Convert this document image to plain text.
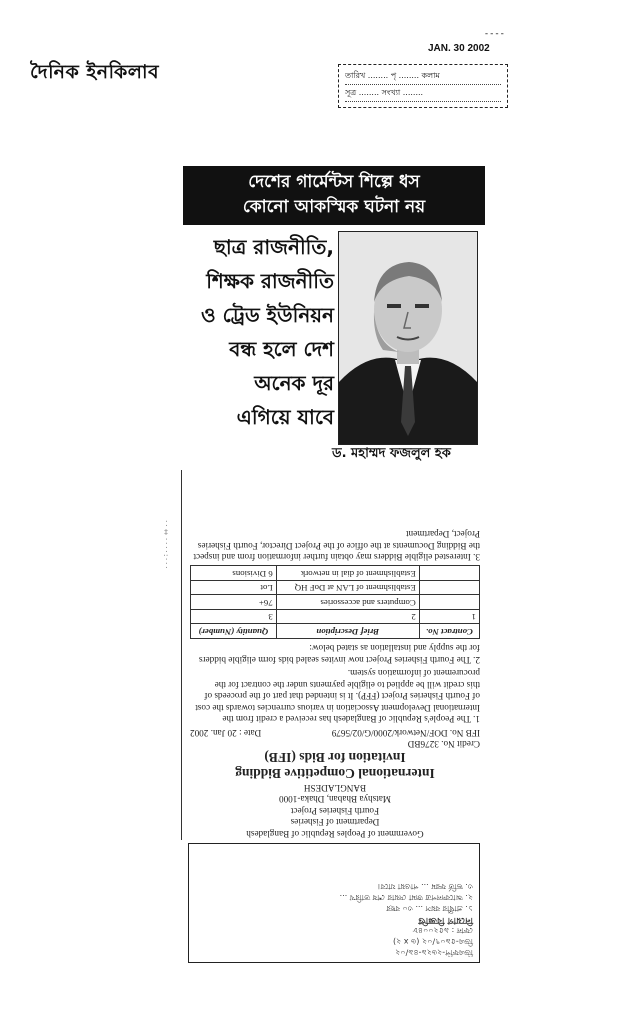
দৈনিক ইনকিলাব
- - - -
JAN. 30 2002
তারিখ ........ পৃ ........ কলাম
সূত্র ........ সংখ্যা ........
দেশের গার্মেন্টস শিল্পে ধস
কোনো আকস্মিক ঘটনা নয়
ছাত্র রাজনীতি,
শিক্ষক রাজনীতি
ও ট্রেড ইউনিয়ন
বন্ধ হলে দেশ
অনেক দূর
এগিয়ে যাবে
ড. মহাম্মদ ফজলুল হক
Government of Peoples Republic of Bangladesh
Department of Fisheries
Fourth Fisheries Project
Matshya Bhaban, Dhaka-1000
BANGLADESH
International Competitive Bidding
Invitation for Bids (IFB)
Credit No. 3276BD
IFB No. DOF/Network/2000/G/02/5679
Date : 20 Jan. 2002

1. The People's Republic of Bangladesh has received a credit from the International Development Association in various currencies towards the cost of Fourth Fisheries Project (FFP). It is intended that part of the proceeds of this credit will be applied to eligible payments under the contract for the procurement of information system.

2. The Fourth Fisheries Project now invites sealed bids form eligible bidders for the supply and installation as stated below:

Contract No.	Brief Description	Quantity (Number)
1	2	3
	Computers and accessories	76+
	Establishment of LAN at DoF HQ	Lot
	Establishment of dial in network	6 Divisions

3. Interested eligible Bidders may obtain further information from and inspect the Bidding Documents at the office of the Project Director, Fourth Fisheries Project, Department

ডিএফপি-২৬২৯-৪৯/০২
ডিএ-৫৯০৭/০২ (৬ x ২)
ফোন : ৯৫২০০৪৮
নিয়োগ বিজ্ঞপ্তি
১. প্রার্থীর বয়স ... ৩০ বছর
২. আবেদনপত্র জমা দেয়ার শেষ তারিখ ...
৩. ভর্তি ফরম ... পাওয়া যাবে।
· · ‡ · · · · : · · ·
